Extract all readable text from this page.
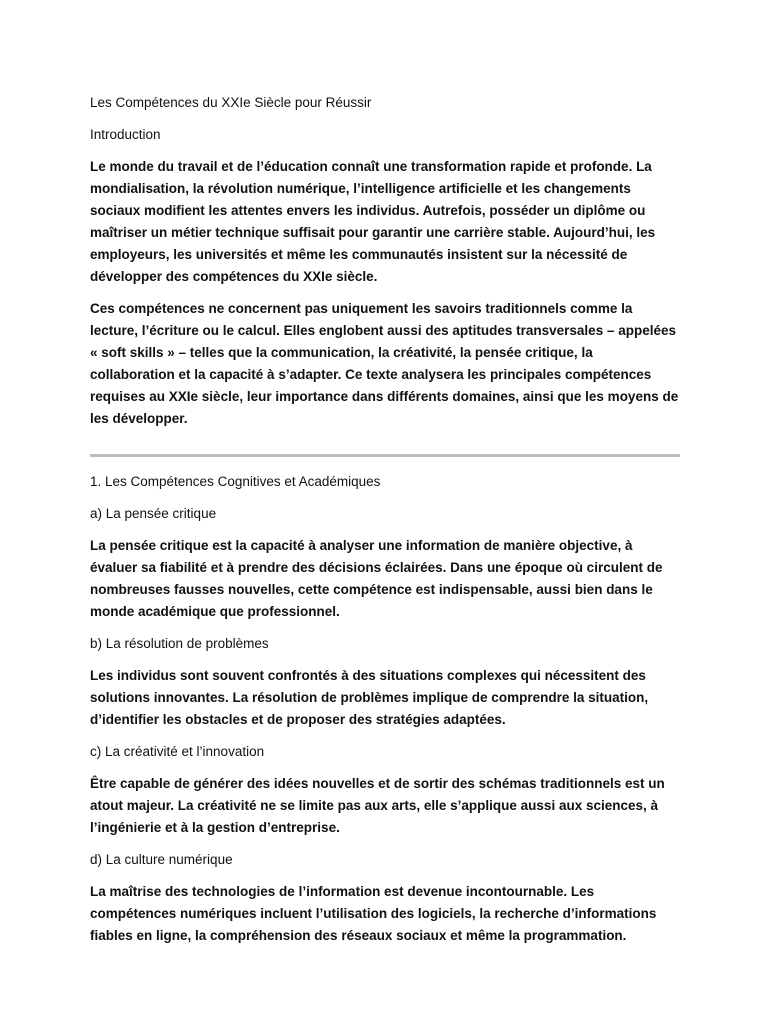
Les Compétences du XXIe Siècle pour Réussir

Introduction

Le monde du travail et de l’éducation connaît une transformation rapide et profonde. La mondialisation, la révolution numérique, l’intelligence artificielle et les changements sociaux modifient les attentes envers les individus. Autrefois, posséder un diplôme ou maîtriser un métier technique suffisait pour garantir une carrière stable. Aujourd’hui, les employeurs, les universités et même les communautés insistent sur la nécessité de développer des compétences du XXIe siècle.

Ces compétences ne concernent pas uniquement les savoirs traditionnels comme la lecture, l’écriture ou le calcul. Elles englobent aussi des aptitudes transversales – appelées « soft skills » – telles que la communication, la créativité, la pensée critique, la collaboration et la capacité à s’adapter. Ce texte analysera les principales compétences requises au XXIe siècle, leur importance dans différents domaines, ainsi que les moyens de les développer.

1. Les Compétences Cognitives et Académiques

a) La pensée critique

La pensée critique est la capacité à analyser une information de manière objective, à évaluer sa fiabilité et à prendre des décisions éclairées. Dans une époque où circulent de nombreuses fausses nouvelles, cette compétence est indispensable, aussi bien dans le monde académique que professionnel.

b) La résolution de problèmes

Les individus sont souvent confrontés à des situations complexes qui nécessitent des solutions innovantes. La résolution de problèmes implique de comprendre la situation, d’identifier les obstacles et de proposer des stratégies adaptées.

c) La créativité et l’innovation

Être capable de générer des idées nouvelles et de sortir des schémas traditionnels est un atout majeur. La créativité ne se limite pas aux arts, elle s’applique aussi aux sciences, à l’ingénierie et à la gestion d’entreprise.

d) La culture numérique

La maîtrise des technologies de l’information est devenue incontournable. Les compétences numériques incluent l’utilisation des logiciels, la recherche d’informations fiables en ligne, la compréhension des réseaux sociaux et même la programmation.
